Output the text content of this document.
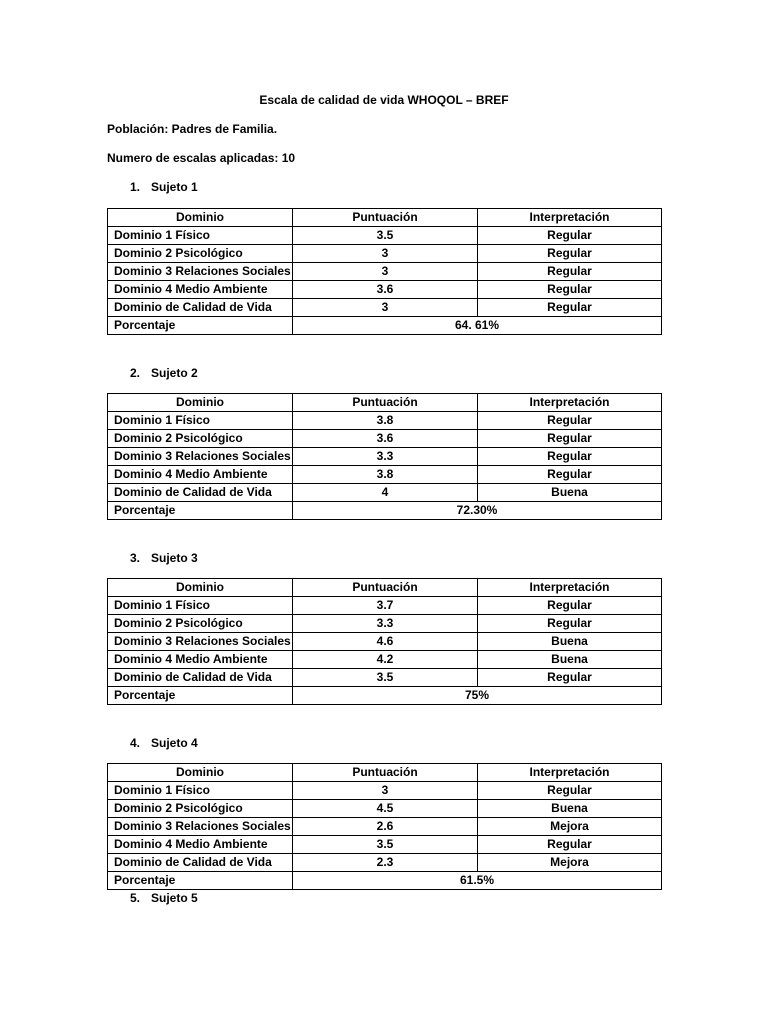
Escala de calidad de vida WHOQOL – BREF
Población: Padres de Familia.
Numero de escalas aplicadas: 10
1. Sujeto 1
Dominio	Puntuación	Interpretación
Dominio 1 Físico	3.5	Regular
Dominio 2 Psicológico	3	Regular
Dominio 3 Relaciones Sociales	3	Regular
Dominio 4 Medio Ambiente	3.6	Regular
Dominio de Calidad de Vida	3	Regular
Porcentaje	64. 61%	
2. Sujeto 2
Dominio	Puntuación	Interpretación
Dominio 1 Físico	3.8	Regular
Dominio 2 Psicológico	3.6	Regular
Dominio 3 Relaciones Sociales	3.3	Regular
Dominio 4 Medio Ambiente	3.8	Regular
Dominio de Calidad de Vida	4	Buena
Porcentaje	72.30%	
3. Sujeto 3
Dominio	Puntuación	Interpretación
Dominio 1 Físico	3.7	Regular
Dominio 2 Psicológico	3.3	Regular
Dominio 3 Relaciones Sociales	4.6	Buena
Dominio 4 Medio Ambiente	4.2	Buena
Dominio de Calidad de Vida	3.5	Regular
Porcentaje	75%	
4. Sujeto 4
Dominio	Puntuación	Interpretación
Dominio 1 Físico	3	Regular
Dominio 2 Psicológico	4.5	Buena
Dominio 3 Relaciones Sociales	2.6	Mejora
Dominio 4 Medio Ambiente	3.5	Regular
Dominio de Calidad de Vida	2.3	Mejora
Porcentaje	61.5%	
5. Sujeto 5
